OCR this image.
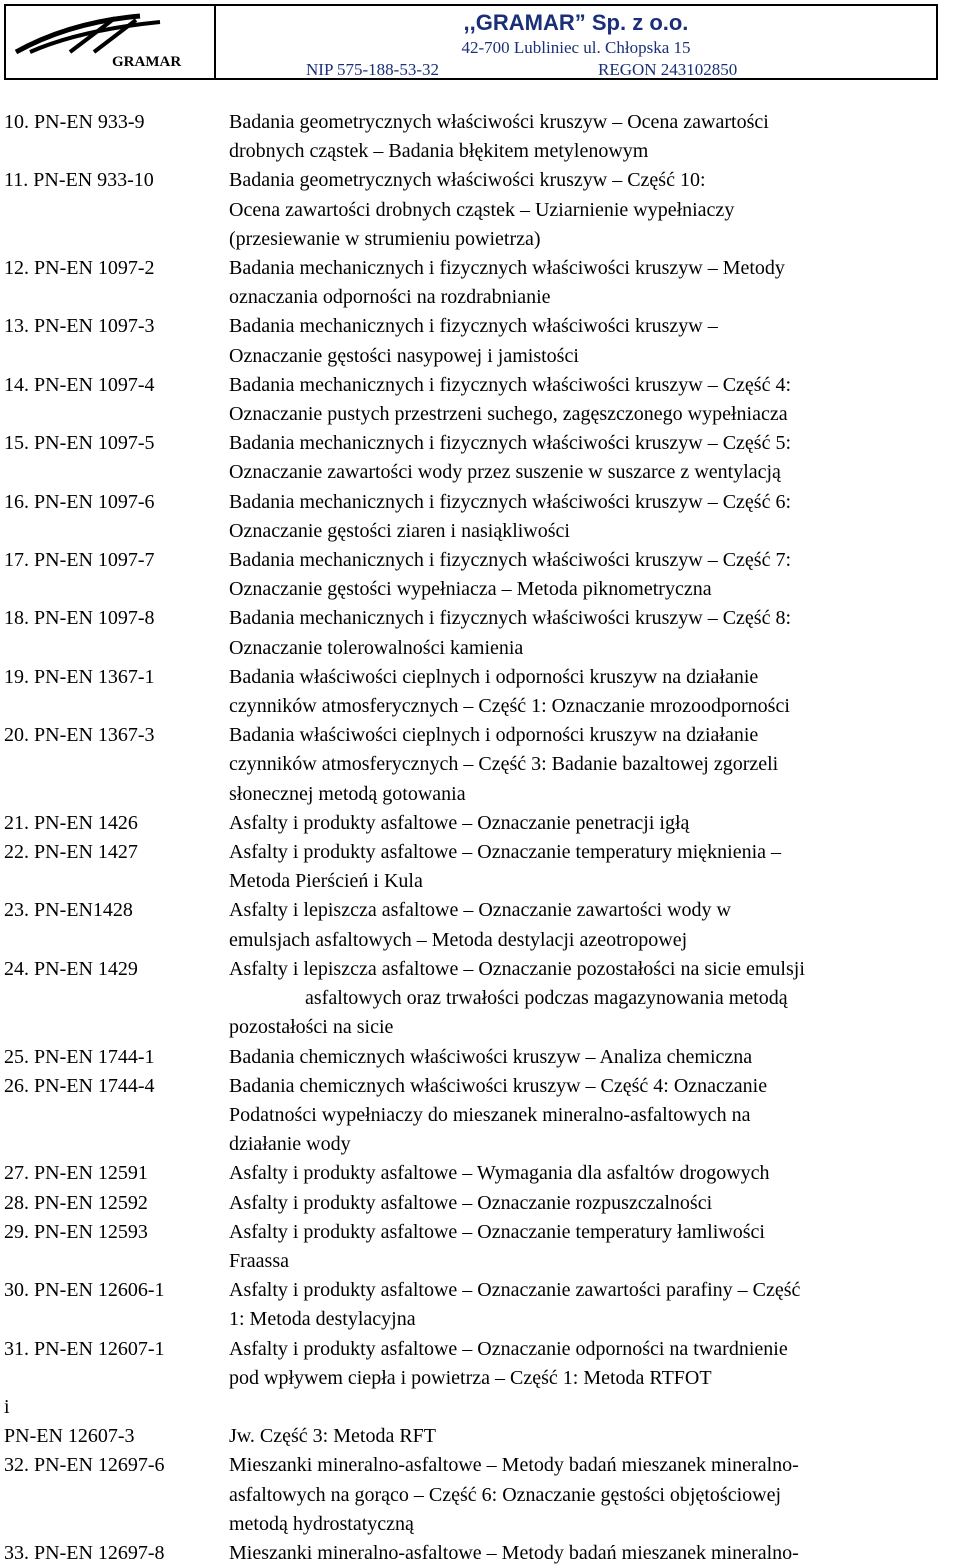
GRAMAR
,,GRAMAR” Sp. z o.o.
42-700 Lubliniec ul. Chłopska 15
NIP 575-188-53-32	REGON 243102850
10. PN-EN 933-9	Badania geometrycznych właściwości kruszyw – Ocena zawartości
drobnych cząstek – Badania błękitem metylenowym
11. PN-EN 933-10	Badania geometrycznych właściwości kruszyw – Część 10:
Ocena zawartości drobnych cząstek – Uziarnienie wypełniaczy
(przesiewanie w strumieniu powietrza)
12. PN-EN 1097-2	Badania mechanicznych i fizycznych właściwości kruszyw – Metody
oznaczania odporności na rozdrabnianie
13. PN-EN 1097-3	Badania mechanicznych i fizycznych właściwości kruszyw –
Oznaczanie gęstości nasypowej i jamistości
14. PN-EN 1097-4	Badania mechanicznych i fizycznych właściwości kruszyw – Część 4:
Oznaczanie pustych przestrzeni suchego, zagęszczonego wypełniacza
15. PN-EN 1097-5	Badania mechanicznych i fizycznych właściwości kruszyw – Część 5:
Oznaczanie zawartości wody przez suszenie w suszarce z wentylacją
16. PN-EN 1097-6	Badania mechanicznych i fizycznych właściwości kruszyw – Część 6:
Oznaczanie gęstości ziaren i nasiąkliwości
17. PN-EN 1097-7	Badania mechanicznych i fizycznych właściwości kruszyw – Część 7:
Oznaczanie gęstości wypełniacza – Metoda piknometryczna
18. PN-EN 1097-8	Badania mechanicznych i fizycznych właściwości kruszyw – Część 8:
Oznaczanie tolerowalności kamienia
19. PN-EN 1367-1	Badania właściwości cieplnych i odporności kruszyw na działanie
czynników atmosferycznych – Część 1: Oznaczanie mrozoodporności
20. PN-EN 1367-3	Badania właściwości cieplnych i odporności kruszyw na działanie
czynników atmosferycznych – Część 3: Badanie bazaltowej zgorzeli
słonecznej metodą gotowania
21. PN-EN 1426	Asfalty i produkty asfaltowe – Oznaczanie penetracji igłą
22. PN-EN 1427	Asfalty i produkty asfaltowe – Oznaczanie temperatury mięknienia –
Metoda Pierścień i Kula
23. PN-EN1428	Asfalty i lepiszcza asfaltowe – Oznaczanie zawartości wody w
emulsjach asfaltowych – Metoda destylacji azeotropowej
24. PN-EN 1429	Asfalty i lepiszcza asfaltowe – Oznaczanie pozostałości na sicie emulsji
asfaltowych oraz trwałości podczas magazynowania metodą
pozostałości na sicie
25. PN-EN 1744-1	Badania chemicznych właściwości kruszyw – Analiza chemiczna
26. PN-EN 1744-4	Badania chemicznych właściwości kruszyw – Część 4: Oznaczanie
Podatności wypełniaczy do mieszanek mineralno-asfaltowych na
działanie wody
27. PN-EN 12591	Asfalty i produkty asfaltowe – Wymagania dla asfaltów drogowych
28. PN-EN 12592	Asfalty i produkty asfaltowe – Oznaczanie rozpuszczalności
29. PN-EN 12593	Asfalty i produkty asfaltowe – Oznaczanie temperatury łamliwości
Fraassa
30. PN-EN 12606-1	Asfalty i produkty asfaltowe – Oznaczanie zawartości parafiny – Część
1: Metoda destylacyjna
31. PN-EN 12607-1	Asfalty i produkty asfaltowe – Oznaczanie odporności na twardnienie
pod wpływem ciepła i powietrza – Część 1: Metoda RTFOT
i

PN-EN 12607-3	Jw. Część 3: Metoda RFT
32. PN-EN 12697-6	Mieszanki mineralno-asfaltowe – Metody badań mieszanek mineralno-
asfaltowych na gorąco – Część 6: Oznaczanie gęstości objętościowej
metodą hydrostatyczną
33. PN-EN 12697-8	Mieszanki mineralno-asfaltowe – Metody badań mieszanek mineralno-
